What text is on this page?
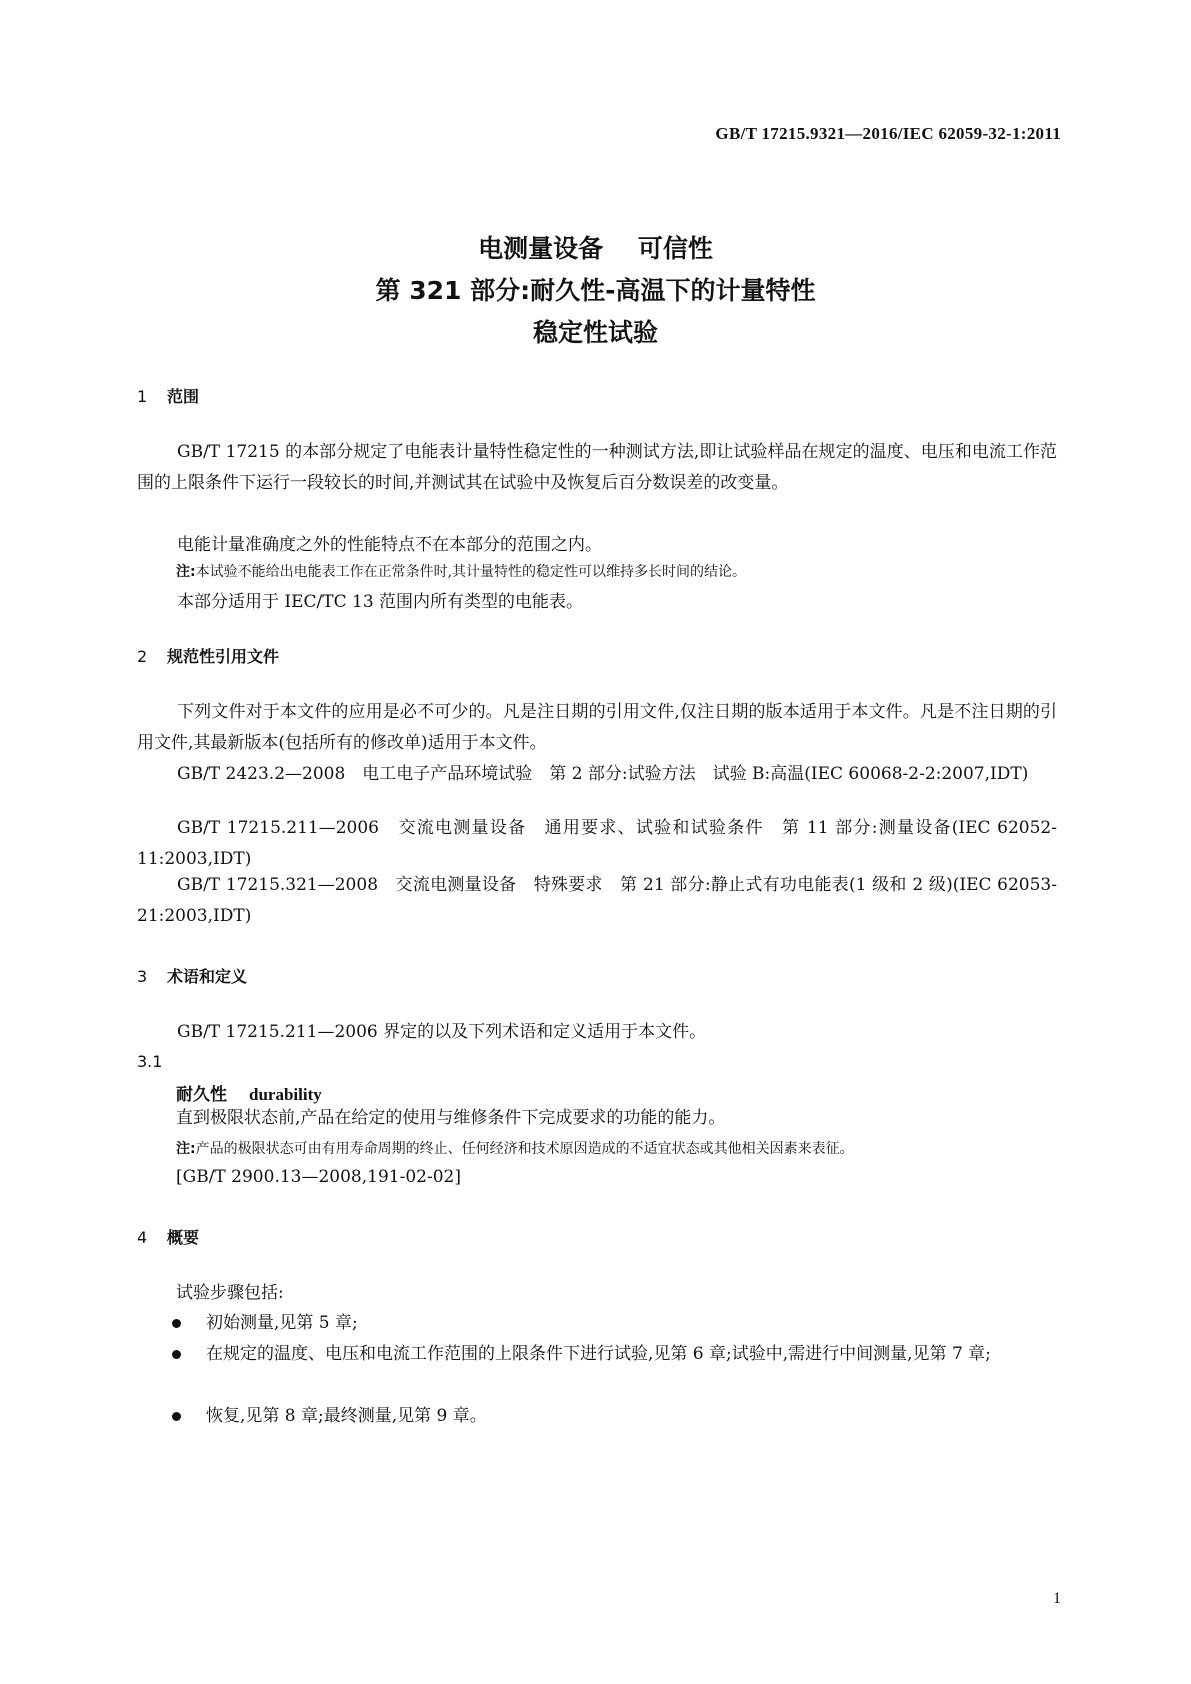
GB/T 17215.9321—2016/IEC 62059-32-1:2011
电测量设备    可信性
第 321 部分:耐久性-高温下的计量特性
稳定性试验
1 范围
GB/T 17215 的本部分规定了电能表计量特性稳定性的一种测试方法,即让试验样品在规定的温度、电压和电流工作范围的上限条件下运行一段较长的时间,并测试其在试验中及恢复后百分数误差的改变量。
电能计量准确度之外的性能特点不在本部分的范围之内。
注:本试验不能给出电能表工作在正常条件时,其计量特性的稳定性可以维持多长时间的结论。
本部分适用于 IEC/TC 13 范围内所有类型的电能表。
2 规范性引用文件
下列文件对于本文件的应用是必不可少的。凡是注日期的引用文件,仅注日期的版本适用于本文件。凡是不注日期的引用文件,其最新版本(包括所有的修改单)适用于本文件。
GB/T 2423.2—2008　电工电子产品环境试验　第 2 部分:试验方法　试验 B:高温(IEC 60068-2-2:2007,IDT)
GB/T 17215.211—2006　交流电测量设备　通用要求、试验和试验条件　第 11 部分:测量设备(IEC 62052-11:2003,IDT)
GB/T 17215.321—2008　交流电测量设备　特殊要求　第 21 部分:静止式有功电能表(1 级和 2 级)(IEC 62053-21:2003,IDT)
3 术语和定义
GB/T 17215.211—2006 界定的以及下列术语和定义适用于本文件。
3.1
耐久性 durability
直到极限状态前,产品在给定的使用与维修条件下完成要求的功能的能力。
注:产品的极限状态可由有用寿命周期的终止、任何经济和技术原因造成的不适宜状态或其他相关因素来表征。
[GB/T 2900.13—2008,191-02-02]
4 概要
试验步骤包括:
初始测量,见第 5 章;
在规定的温度、电压和电流工作范围的上限条件下进行试验,见第 6 章;试验中,需进行中间测量,见第 7 章;
恢复,见第 8 章;最终测量,见第 9 章。
1
